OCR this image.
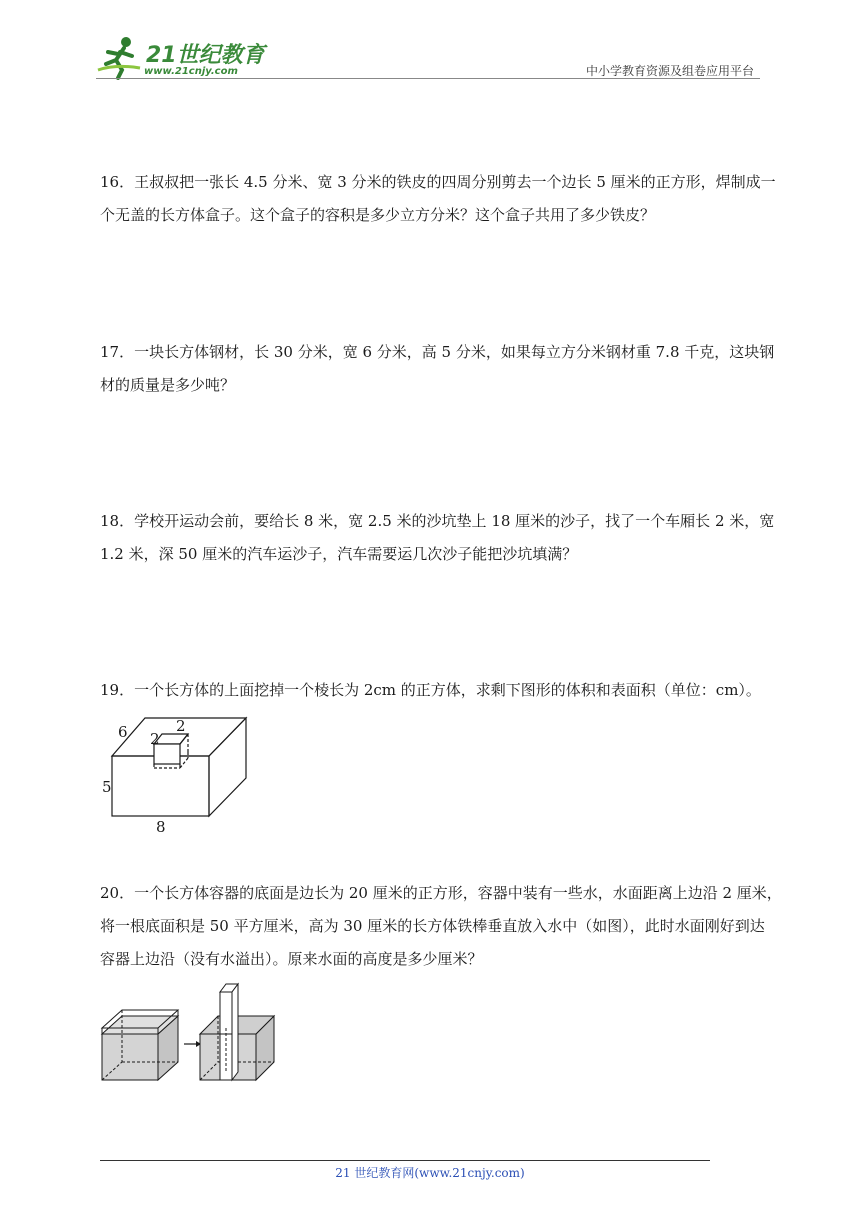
21世纪教育
www.21cnjy.com	中小学教育资源及组卷应用平台
16．王叔叔把一张长 4.5 分米、宽 3 分米的铁皮的四周分别剪去一个边长 5 厘米的正方形，焊制成一
个无盖的长方体盒子。这个盒子的容积是多少立方分米？这个盒子共用了多少铁皮？
17．一块长方体钢材，长 30 分米，宽 6 分米，高 5 分米，如果每立方分米钢材重 7.8 千克，这块钢
材的质量是多少吨？
18．学校开运动会前，要给长 8 米，宽 2.5 米的沙坑垫上 18 厘米的沙子，找了一个车厢长 2 米，宽
1.2 米，深 50 厘米的汽车运沙子，汽车需要运几次沙子能把沙坑填满？
19．一个长方体的上面挖掉一个棱长为 2cm 的正方体，求剩下图形的体积和表面积（单位：cm）。
6	2
2
5
8
20．一个长方体容器的底面是边长为 20 厘米的正方形，容器中装有一些水，水面距离上边沿 2 厘米，
将一根底面积是 50 平方厘米，高为 30 厘米的长方体铁棒垂直放入水中（如图），此时水面刚好到达
容器上边沿（没有水溢出）。原来水面的高度是多少厘米？
21 世纪教育网(www.21cnjy.com)
